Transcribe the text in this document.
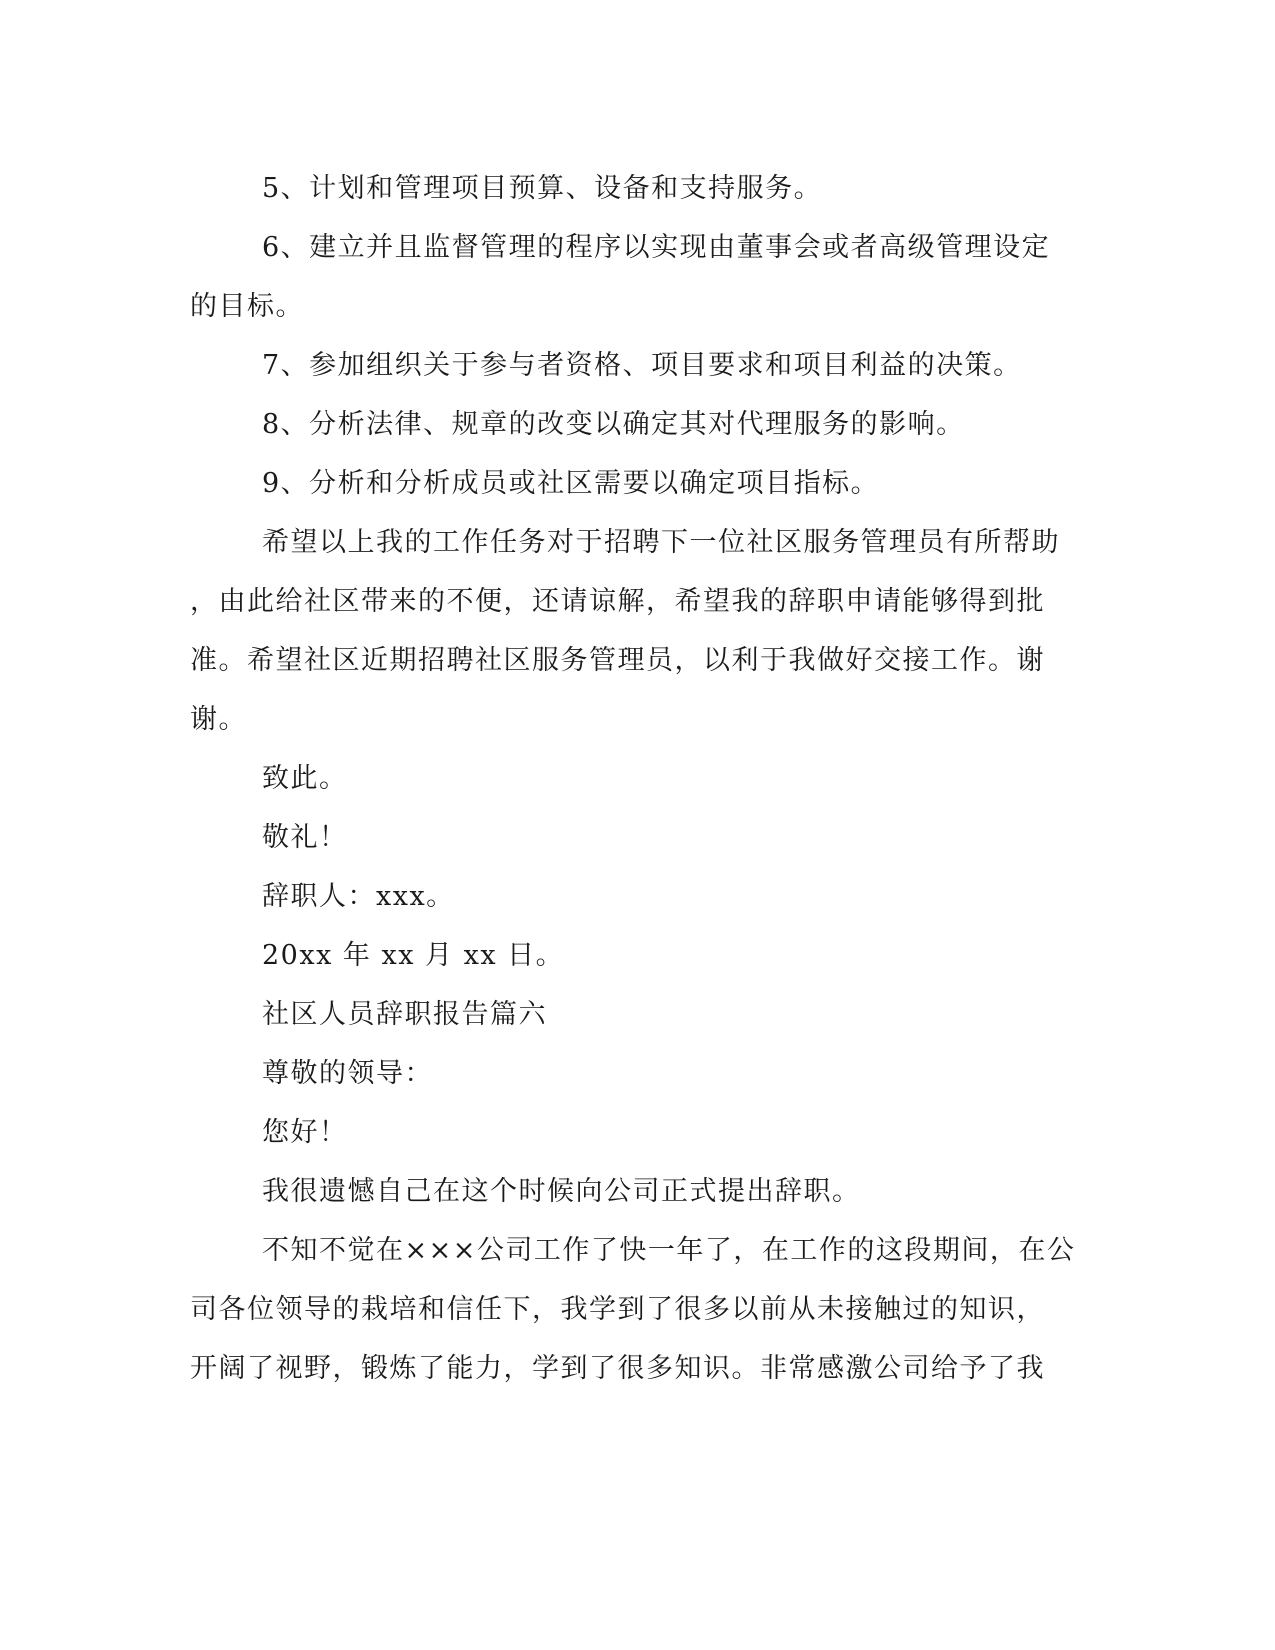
5、计划和管理项目预算、设备和支持服务。
6、建立并且监督管理的程序以实现由董事会或者高级管理设定
的目标。
7、参加组织关于参与者资格、项目要求和项目利益的决策。
8、分析法律、规章的改变以确定其对代理服务的影响。
9、分析和分析成员或社区需要以确定项目指标。
希望以上我的工作任务对于招聘下一位社区服务管理员有所帮助
，由此给社区带来的不便，还请谅解，希望我的辞职申请能够得到批
准。希望社区近期招聘社区服务管理员，以利于我做好交接工作。谢
谢。
致此。
敬礼！
辞职人：xxx。
20xx 年 xx 月 xx 日。
社区人员辞职报告篇六
尊敬的领导：
您好！
我很遗憾自己在这个时候向公司正式提出辞职。
不知不觉在×××公司工作了快一年了，在工作的这段期间，在公
司各位领导的栽培和信任下，我学到了很多以前从未接触过的知识，
开阔了视野，锻炼了能力，学到了很多知识。非常感激公司给予了我
